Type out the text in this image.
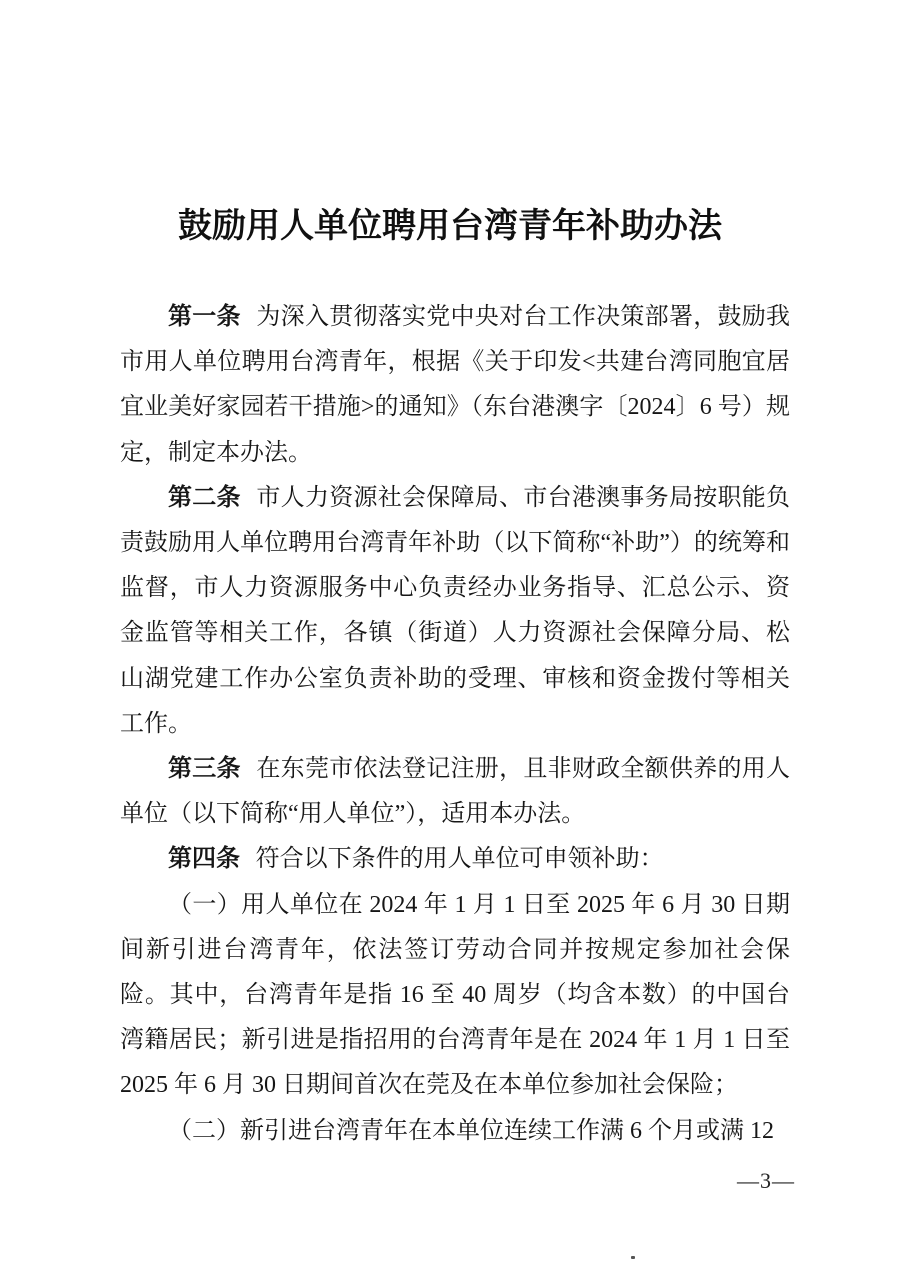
鼓励用人单位聘用台湾青年补助办法

第一条 为深入贯彻落实党中央对台工作决策部署，鼓励我市用人单位聘用台湾青年，根据《关于印发<共建台湾同胞宜居宜业美好家园若干措施>的通知》（东台港澳字〔2024〕6 号）规定，制定本办法。

第二条 市人力资源社会保障局、市台港澳事务局按职能负责鼓励用人单位聘用台湾青年补助（以下简称“补助”）的统筹和监督，市人力资源服务中心负责经办业务指导、汇总公示、资金监管等相关工作，各镇（街道）人力资源社会保障分局、松山湖党建工作办公室负责补助的受理、审核和资金拨付等相关工作。

第三条 在东莞市依法登记注册，且非财政全额供养的用人单位（以下简称“用人单位”），适用本办法。

第四条 符合以下条件的用人单位可申领补助：

（一）用人单位在 2024 年 1 月 1 日至 2025 年 6 月 30 日期间新引进台湾青年，依法签订劳动合同并按规定参加社会保险。其中，台湾青年是指 16 至 40 周岁（均含本数）的中国台湾籍居民；新引进是指招用的台湾青年是在 2024 年 1 月 1 日至 2025 年 6 月 30 日期间首次在莞及在本单位参加社会保险；

（二）新引进台湾青年在本单位连续工作满 6 个月或满 12

—3—
